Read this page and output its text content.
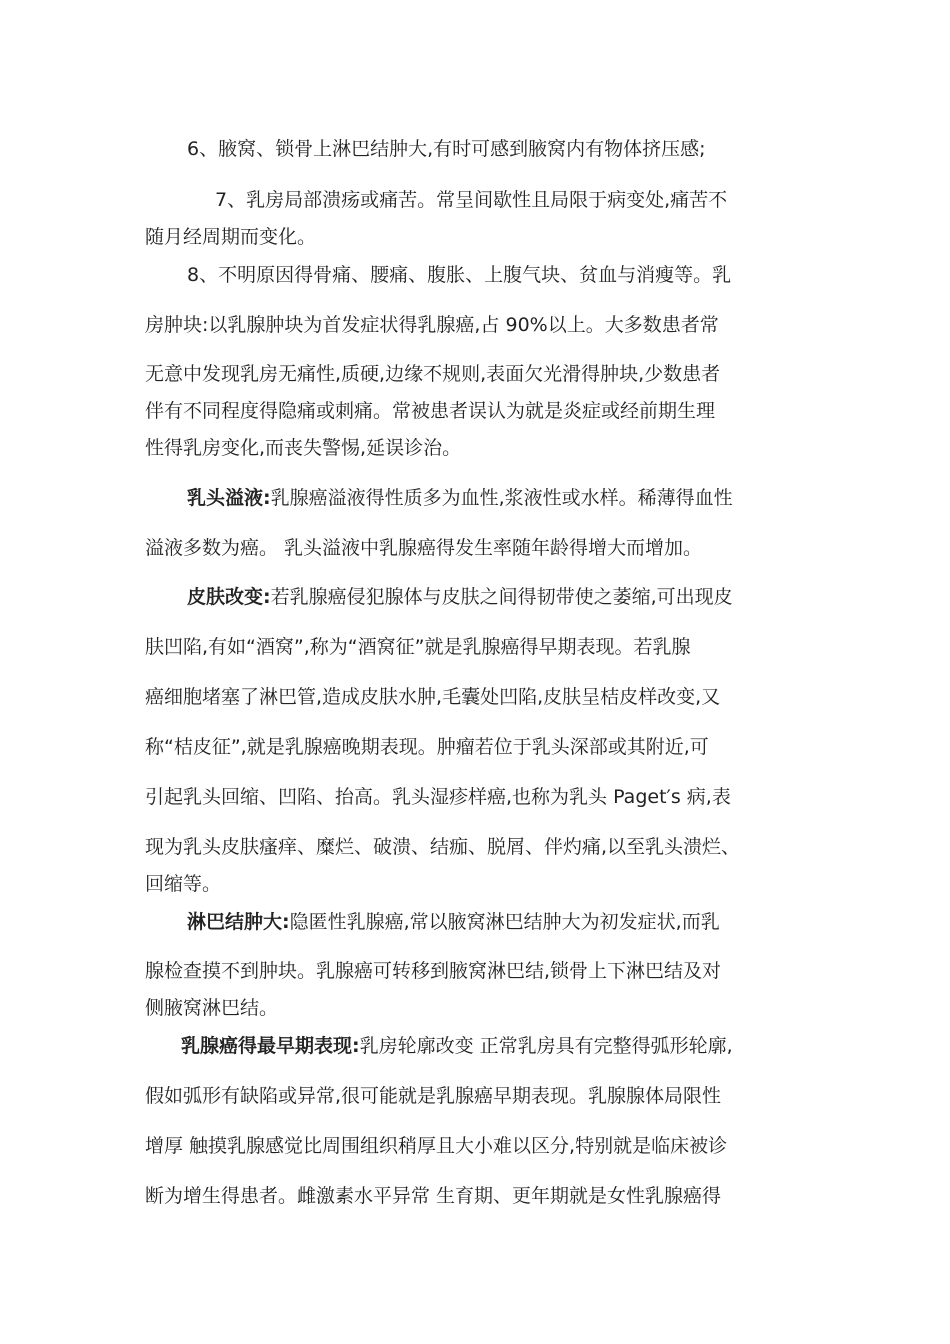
6、腋窝、锁骨上淋巴结肿大,有时可感到腋窝内有物体挤压感;
7、乳房局部溃疡或痛苦。常呈间歇性且局限于病变处,痛苦不
随月经周期而变化。
8、不明原因得骨痛、腰痛、腹胀、上腹气块、贫血与消瘦等。乳
房肿块:以乳腺肿块为首发症状得乳腺癌,占 90%以上。大多数患者常
无意中发现乳房无痛性,质硬,边缘不规则,表面欠光滑得肿块,少数患者
伴有不同程度得隐痛或刺痛。常被患者误认为就是炎症或经前期生理
性得乳房变化,而丧失警惕,延误诊治。
乳头溢液:乳腺癌溢液得性质多为血性,浆液性或水样。稀薄得血性
溢液多数为癌。 乳头溢液中乳腺癌得发生率随年龄得增大而增加。
皮肤改变:若乳腺癌侵犯腺体与皮肤之间得韧带使之萎缩,可出现皮
肤凹陷,有如“酒窝”,称为“酒窝征”就是乳腺癌得早期表现。若乳腺
癌细胞堵塞了淋巴管,造成皮肤水肿,毛囊处凹陷,皮肤呈桔皮样改变,又
称“桔皮征”,就是乳腺癌晚期表现。肿瘤若位于乳头深部或其附近,可
引起乳头回缩、凹陷、抬高。乳头湿疹样癌,也称为乳头 Paget′s 病,表
现为乳头皮肤瘙痒、糜烂、破溃、结痂、脱屑、伴灼痛,以至乳头溃烂、
回缩等。
淋巴结肿大:隐匿性乳腺癌,常以腋窝淋巴结肿大为初发症状,而乳
腺检查摸不到肿块。乳腺癌可转移到腋窝淋巴结,锁骨上下淋巴结及对
侧腋窝淋巴结。
乳腺癌得最早期表现:乳房轮廓改变 正常乳房具有完整得弧形轮廓,
假如弧形有缺陷或异常,很可能就是乳腺癌早期表现。乳腺腺体局限性
增厚 触摸乳腺感觉比周围组织稍厚且大小难以区分,特别就是临床被诊
断为增生得患者。雌激素水平异常 生育期、更年期就是女性乳腺癌得
